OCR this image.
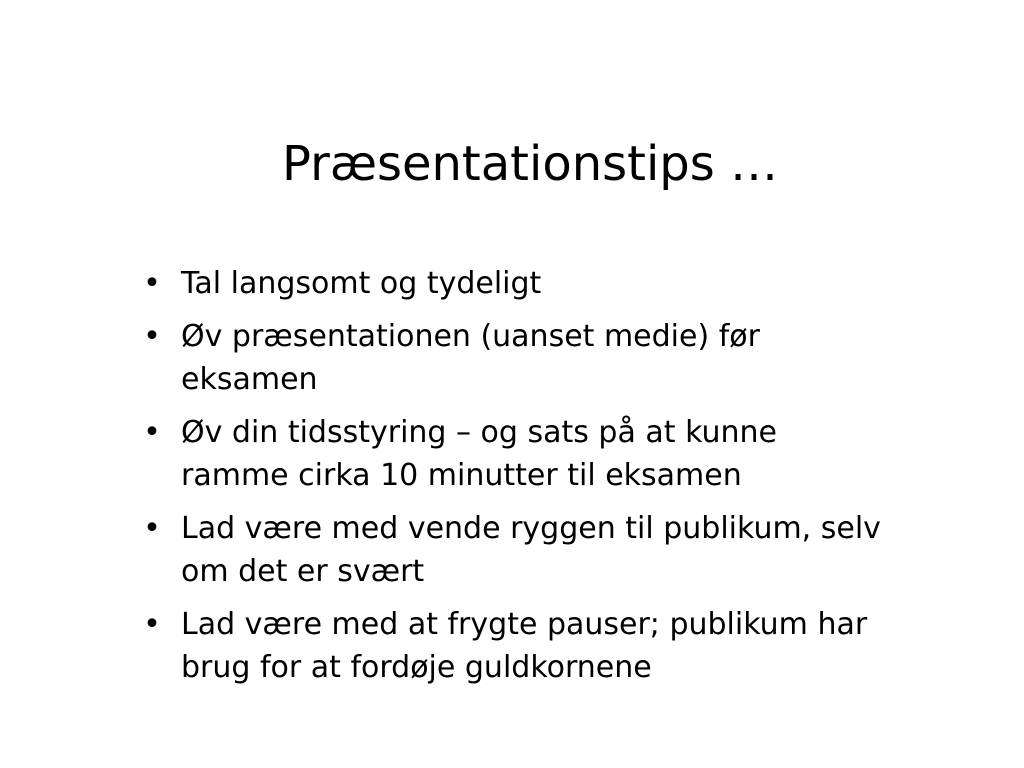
Præsentationstips …
• Tal langsomt og tydeligt
• Øv præsentationen (uanset medie) før eksamen
• Øv din tidsstyring – og sats på at kunne ramme cirka 10 minutter til eksamen
• Lad være med vende ryggen til publikum, selv om det er svært
• Lad være med at frygte pauser; publikum har brug for at fordøje guldkornene
